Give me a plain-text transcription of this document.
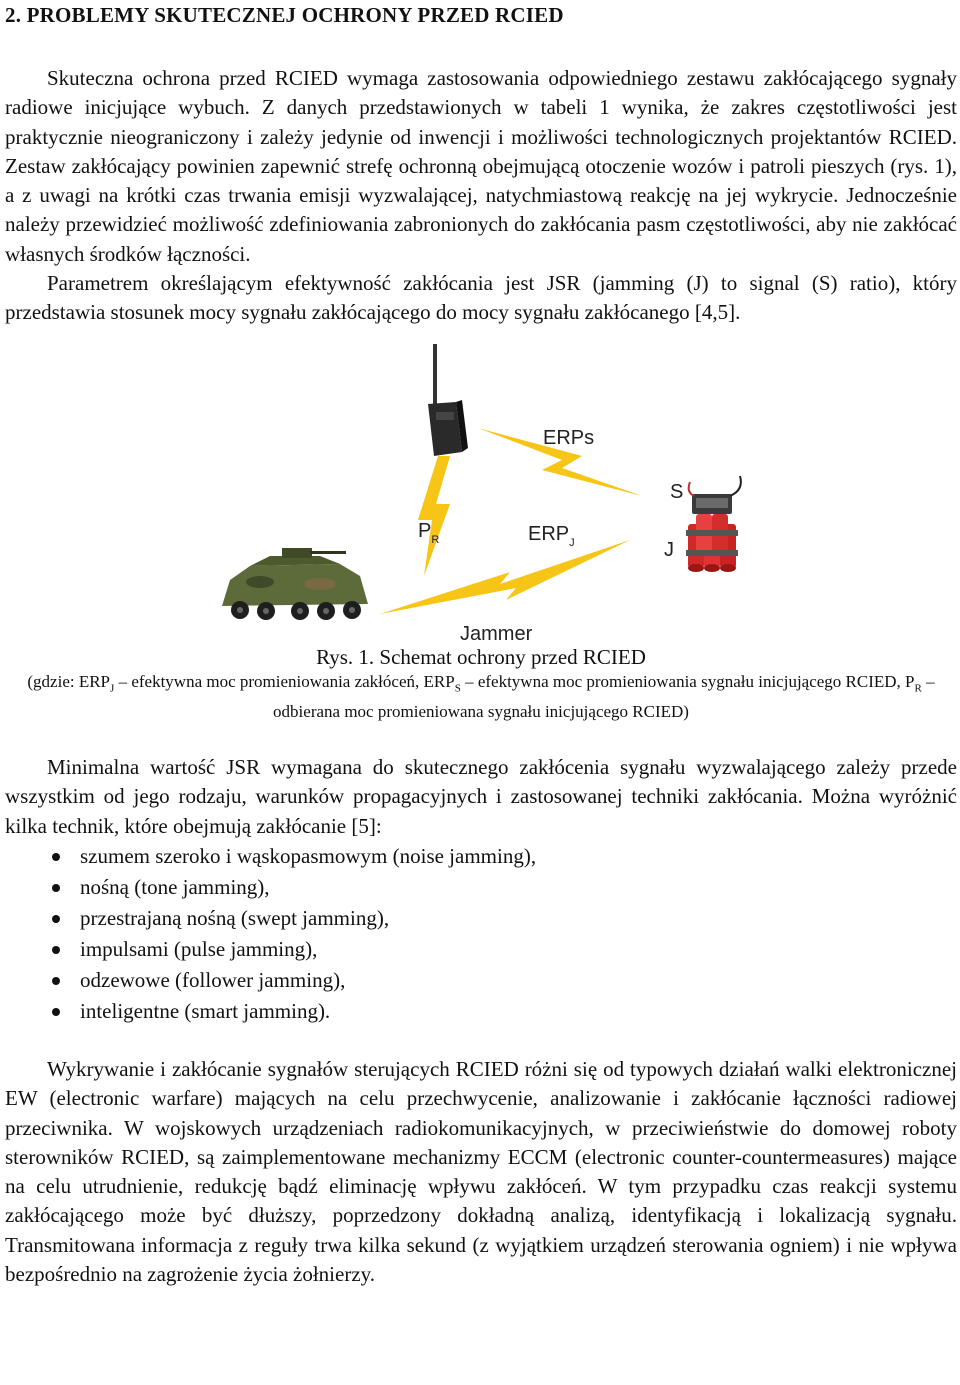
2. PROBLEMY SKUTECZNEJ OCHRONY PRZED RCIED

Skuteczna ochrona przed RCIED wymaga zastosowania odpowiedniego zestawu zakłócającego sygnały radiowe inicjujące wybuch. Z danych przedstawionych w tabeli 1 wynika, że zakres częstotliwości jest praktycznie nieograniczony i zależy jedynie od inwencji i możliwości technologicznych projektantów RCIED. Zestaw zakłócający powinien zapewnić strefę ochronną obejmującą otoczenie wozów i patroli pieszych (rys. 1), a z uwagi na krótki czas trwania emisji wyzwalającej, natychmiastową reakcję na jej wykrycie. Jednocześnie należy przewidzieć możliwość zdefiniowania zabronionych do zakłócania pasm częstotliwości, aby nie zakłócać własnych środków łączności.

Parametrem określającym efektywność zakłócania jest JSR (jamming (J) to signal (S) ratio), który przedstawia stosunek mocy sygnału zakłócającego do mocy sygnału zakłócanego [4,5].

ERPs
S
$P_R$	$ERP_J$	J
Jammer
Rys. 1. Schemat ochrony przed RCIED
(gdzie: $ERP_J$ – efektywna moc promieniowania zakłóceń, $ERP_S$ – efektywna moc promieniowania sygnału inicjującego RCIED, $P_R$ – odbierana moc promieniowana sygnału inicjującego RCIED)

Minimalna wartość JSR wymagana do skutecznego zakłócenia sygnału wyzwalającego zależy przede wszystkim od jego rodzaju, warunków propagacyjnych i zastosowanej techniki zakłócania. Można wyróżnić kilka technik, które obejmują zakłócanie [5]:

szumem szeroko i wąskopasmowym (noise jamming),
nośną (tone jamming),
przestrajaną nośną (swept jamming),
impulsami (pulse jamming),
odzewowe (follower jamming),
inteligentne (smart jamming).

Wykrywanie i zakłócanie sygnałów sterujących RCIED różni się od typowych działań walki elektronicznej EW (electronic warfare) mających na celu przechwycenie, analizowanie i zakłócanie łączności radiowej przeciwnika. W wojskowych urządzeniach radiokomunikacyjnych, w przeciwieństwie do domowej roboty sterowników RCIED, są zaimplementowane mechanizmy ECCM (electronic counter-countermeasures) mające na celu utrudnienie, redukcję bądź eliminację wpływu zakłóceń. W tym przypadku czas reakcji systemu zakłócającego może być dłuższy, poprzedzony dokładną analizą, identyfikacją i lokalizacją sygnału. Transmitowana informacja z reguły trwa kilka sekund (z wyjątkiem urządzeń sterowania ogniem) i nie wpływa bezpośrednio na zagrożenie życia żołnierzy.
